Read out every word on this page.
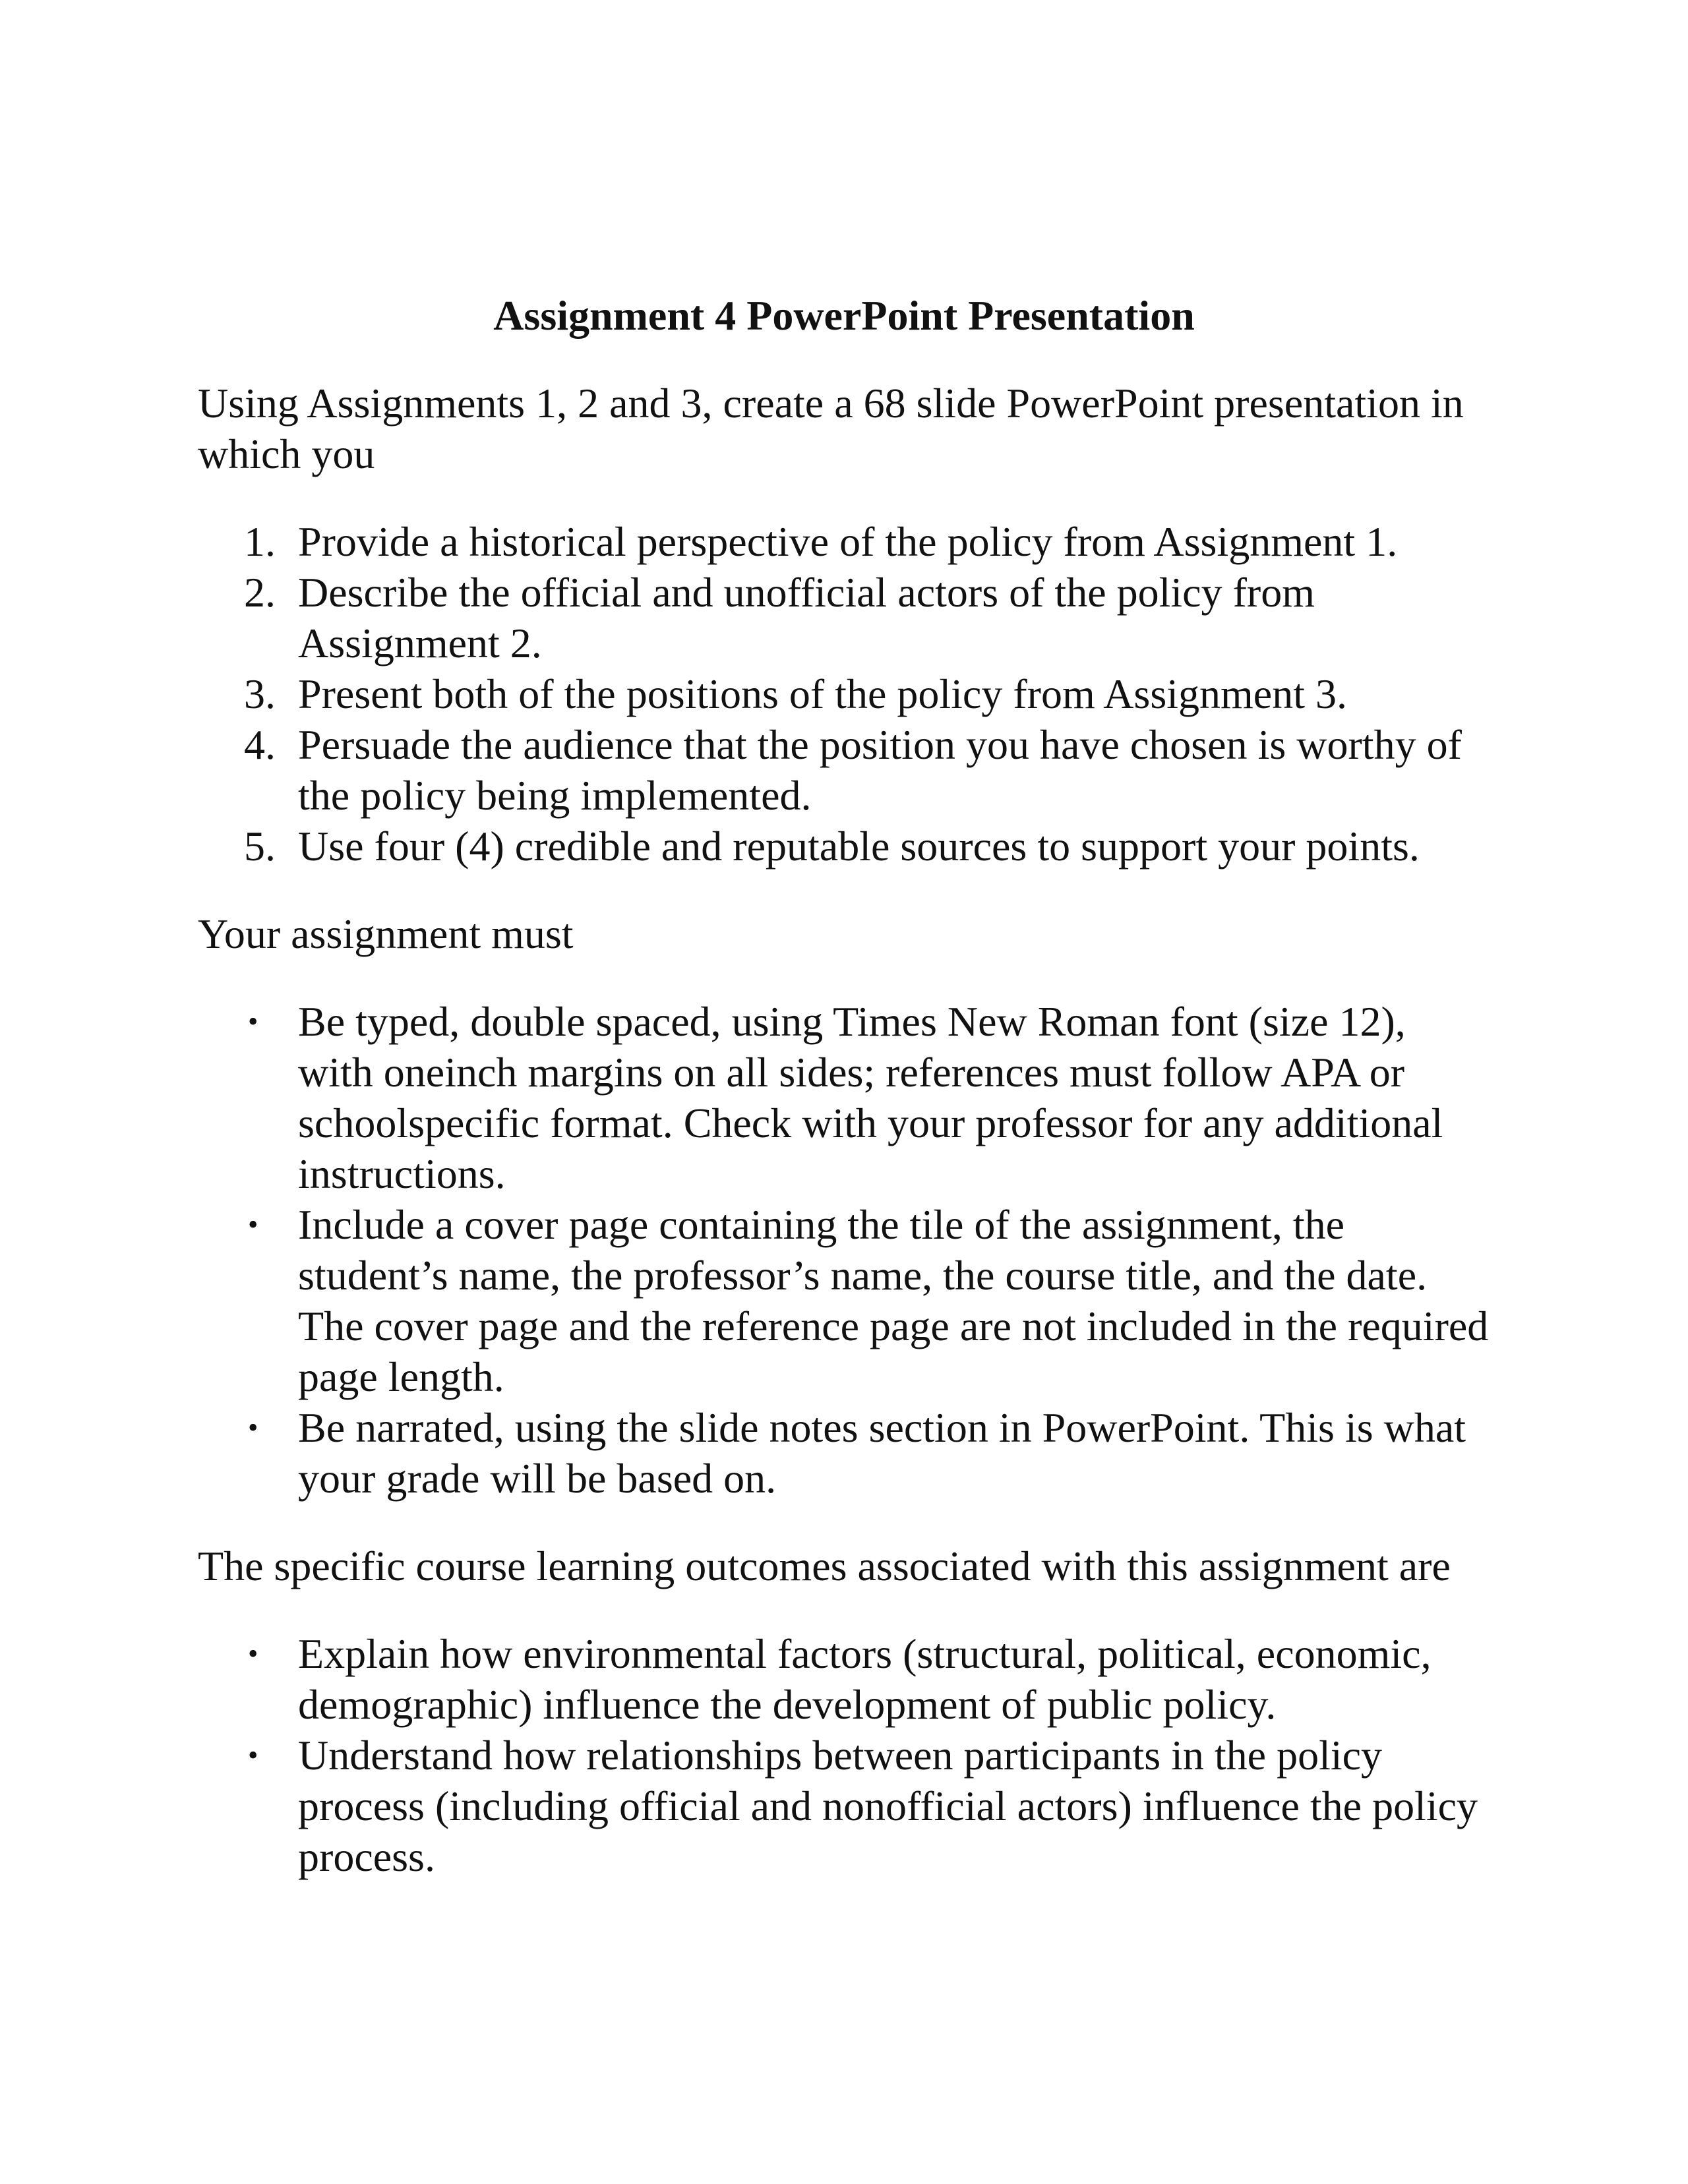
Assignment 4 PowerPoint Presentation
Using Assignments 1, 2 and 3, create a 68 slide PowerPoint presentation in which you
1. Provide a historical perspective of the policy from Assignment 1.
2. Describe the official and unofficial actors of the policy from Assignment 2.
3. Present both of the positions of the policy from Assignment 3.
4. Persuade the audience that the position you have chosen is worthy of the policy being implemented.
5. Use four (4) credible and reputable sources to support your points.
Your assignment must
• Be typed, double spaced, using Times New Roman font (size 12), with oneinch margins on all sides; references must follow APA or schoolspecific format. Check with your professor for any additional instructions.
• Include a cover page containing the tile of the assignment, the student’s name, the professor’s name, the course title, and the date. The cover page and the reference page are not included in the required page length.
• Be narrated, using the slide notes section in PowerPoint. This is what your grade will be based on.
The specific course learning outcomes associated with this assignment are
• Explain how environmental factors (structural, political, economic, demographic) influence the development of public policy.
• Understand how relationships between participants in the policy process (including official and nonofficial actors) influence the policy process.
